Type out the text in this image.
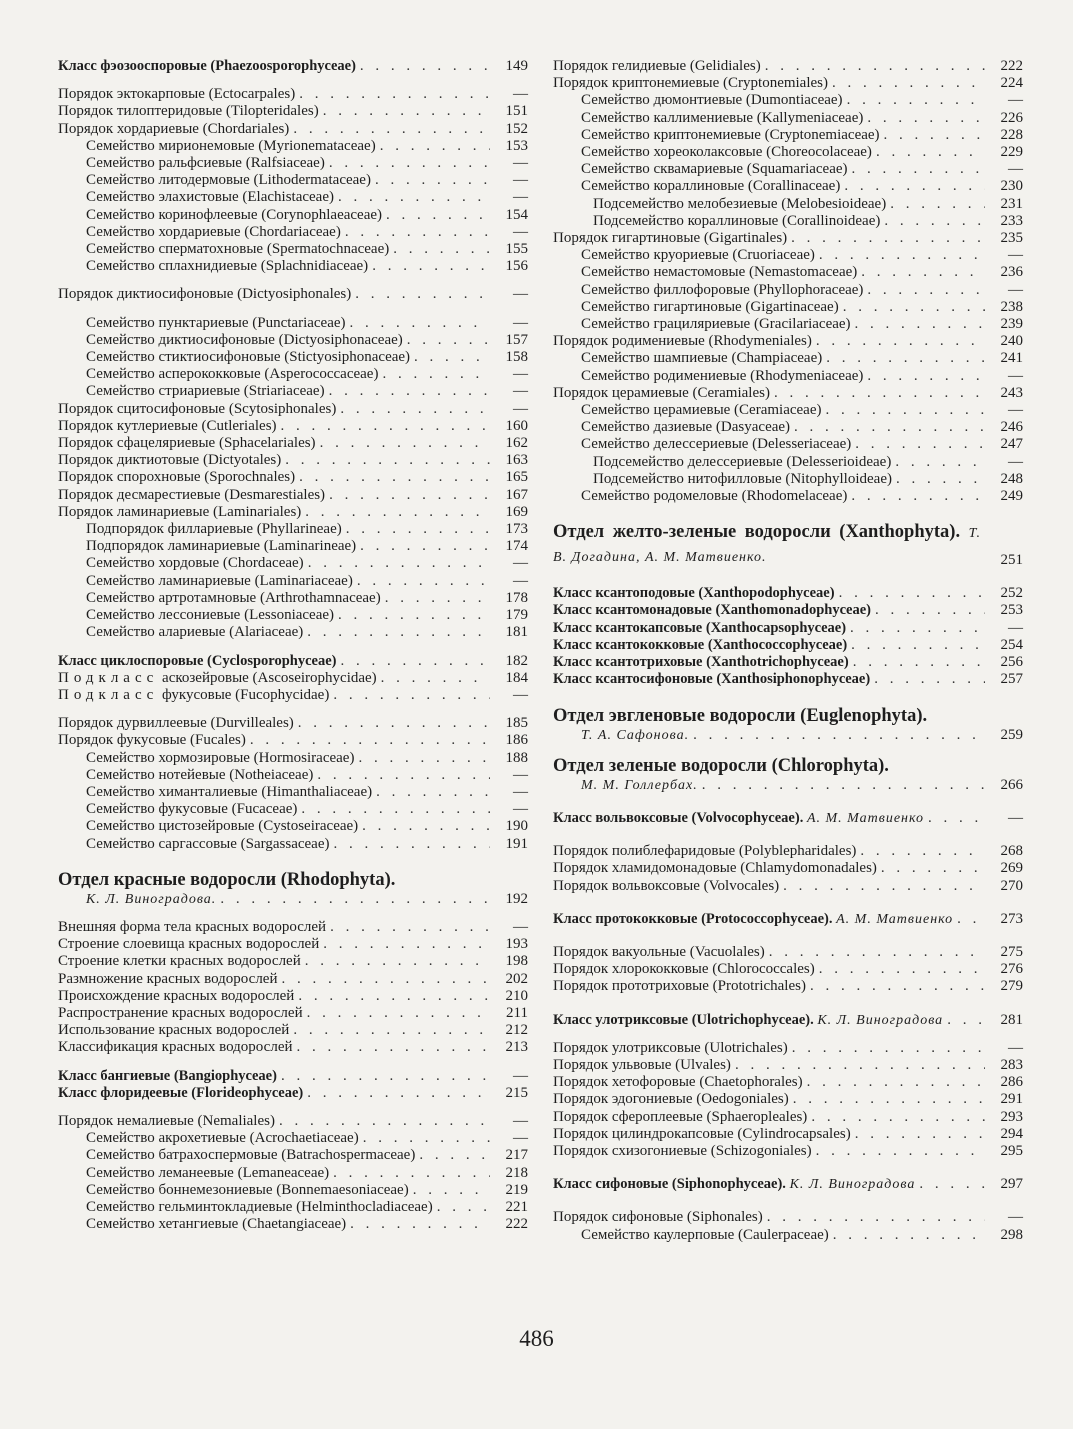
Класс фэозооспоровые (Phaezoosporophyceae) . . .	149
Порядок эктокарповые (Ectocarpales) . . .	—
Порядок тилоптеридовые (Tilopteridales) . . .	151
Порядок хордариевые (Chordariales) . . .	152
Семейство мирионемовые (Myrionemataceae) . . .	153
Семейство ральфсиевые (Ralfsiaceae) . . .	—
Семейство литодермовые (Lithodermataceae) . . .	—
Семейство элахистовые (Elachistaceae) . . .	—
Семейство коринофлеевые (Corynophlaeaceae) . . .	154
Семейство хордариевые (Chordariaceae) . . .	—
Семейство сперматохновые (Spermatochnaceae) . . .	155
Семейство сплахнидиевые (Splachnidiaceae) . . .	156
Порядок диктиосифоновые (Dictyosiphonales) . . .	—
Семейство пунктариевые (Punctariaceae) . . .	—
Семейство диктиосифоновые (Dictyosiphonaceae) . . .	157
Семейство стиктиосифоновые (Stictyosiphonaceae) . . .	158
Семейство асперококковые (Asperococcaceae) . . .	—
Семейство стриариевые (Striariaceae) . . .	—
Порядок сцитосифоновые (Scytosiphonales) . . .	—
Порядок кутлериевые (Cutleriales) . . .	160
Порядок сфацеляриевые (Sphacelariales) . . .	162
Порядок диктиотовые (Dictyotales) . . .	163
Порядок спорохновые (Sporochnales) . . .	165
Порядок десмарестиевые (Desmarestiales) . . .	167
Порядок ламинариевые (Laminariales) . . .	169
Подпорядок филлариевые (Phyllarineae) . . .	173
Подпорядок ламинариевые (Laminarineae) . . .	174
Семейство хордовые (Chordaceae) . . .	—
Семейство ламинариевые (Laminariaceae) . . .	—
Семейство артротамновые (Arthrothamnaceae) . . .	178
Семейство лессониевые (Lessoniaceae) . . .	179
Семейство алариевые (Alariaceae) . . .	181
Класс циклоспоровые (Cyclosporophyceae) . . .	182
Подкласс аскозейровые (Ascoseirophycidae) . . .	184
Подкласс фукусовые (Fucophycidae) . . .	—
Порядок дурвиллеевые (Durvilleales) . . .	185
Порядок фукусовые (Fucales) . . .	186
Семейство хормозировые (Hormosiraceae) . . .	188
Семейство нотейевые (Notheiaceae) . . .	—
Семейство химанталиевые (Himanthaliaceae) . . .	—
Семейство фукусовые (Fucaceae) . . .	—
Семейство цистозейровые (Cystoseiraceae) . . .	190
Семейство саргассовые (Sargassaceae) . . .	191
Отдел красные водоросли (Rhodophyta).
К. Л. Виноградова. . . .	192
Внешняя форма тела красных водорослей . . .	—
Строение слоевища красных водорослей . . .	193
Строение клетки красных водорослей . . .	198
Размножение красных водорослей . . .	202
Происхождение красных водорослей . . .	210
Распространение красных водорослей . . .	211
Использование красных водорослей . . .	212
Классификация красных водорослей . . .	213
Класс бангиевые (Bangiophyceae) . . .	—
Класс флоридеевые (Florideophyceae) . . .	215
Порядок немалиевые (Nemaliales) . . .	—
Семейство акрохетиевые (Acrochaetiaceae) . . .	—
Семейство батрахоспермовые (Batrachospermaceae) . . .	217
Семейство леманеевые (Lemaneaceae) . . .	218
Семейство боннемезониевые (Bonnemaesoniaceae) . . .	219
Семейство гельминтокладиевые (Helminthocladiaceae) . . .	221
Семейство хетангиевые (Chaetangiaceae) . . .	222
Порядок гелидиевые (Gelidiales) . . .	222
Порядок криптонемиевые (Cryptonemiales) . . .	224
Семейство дюмонтиевые (Dumontiaceae) . . .	—
Семейство каллимениевые (Kallymeniaceae) . . .	226
Семейство криптонемиевые (Cryptonemiaceae) . . .	228
Семейство хореоколаксовые (Choreocolaceae) . . .	229
Семейство сквамариевые (Squamariaceae) . . .	—
Семейство кораллиновые (Corallinaceae) . . .	230
Подсемейство мелобезиевые (Melobesioideae) . . .	231
Подсемейство кораллиновые (Corallinoideae) . . .	233
Порядок гигартиновые (Gigartinales) . . .	235
Семейство круориевые (Cruoriaceae) . . .	—
Семейство немастомовые (Nemastomaceae) . . .	236
Семейство филлофоровые (Phyllophoraceae) . . .	—
Семейство гигартиновые (Gigartinaceae) . . .	238
Семейство грациляриевые (Gracilariaceae) . . .	239
Порядок родимениевые (Rhodymeniales) . . .	240
Семейство шампиевые (Champiaceae) . . .	241
Семейство родимениевые (Rhodymeniaceae) . . .	—
Порядок церамиевые (Ceramiales) . . .	243
Семейство церамиевые (Ceramiaceae) . . .	—
Семейство дазиевые (Dasyaceae) . . .	246
Семейство делессериевые (Delesseriaceae) . . .	247
Подсемейство делессериевые (Delesserioideae) . . .	—
Подсемейство нитофилловые (Nitophylloideae) . . .	248
Семейство родомеловые (Rhodomelaceae) . . .	249
Отдел желто-зеленые водоросли (Xanthophyta). Т. В. Догадина, А. М. Матвиенко. . . .	251
Класс ксантоподовые (Xanthopodophyceae) . . .	252
Класс ксантомонадовые (Xanthomonadophyceae) . . .	253
Класс ксантокапсовые (Xanthocapsophyceae) . . .	—
Класс ксантококковые (Xanthococcophyceae) . . .	254
Класс ксантотриховые (Xanthotrichophyceae) . . .	256
Класс ксантосифоновые (Xanthosiphonophyceae) . . .	257
Отдел эвгленовые водоросли (Euglenophyta).
Т. А. Сафонова. . . .	259
Отдел зеленые водоросли (Chlorophyta).
М. М. Голлербах. . . .	266
Класс вольвоксовые (Volvocophyceae). А. М. Матвиенко . . .	—
Порядок полиблефаридовые (Polyblepharidales) . . .	268
Порядок хламидомонадовые (Chlamydomonadales) . . .	269
Порядок вольвоксовые (Volvocales) . . .	270
Класс протококковые (Protococcophyceae). А. М. Матвиенко . . .	273
Порядок вакуольные (Vacuolales) . . .	275
Порядок хлорококковые (Chlorococcales) . . .	276
Порядок прототриховые (Prototrichales) . . .	279
Класс улотриксовые (Ulotrichophyceae). К. Л. Виноградова . . .	281
Порядок улотриксовые (Ulotrichales) . . .	—
Порядок ульвовые (Ulvales) . . .	283
Порядок хетофоровые (Chaetophorales) . . .	286
Порядок эдогониевые (Oedogoniales) . . .	291
Порядок сфероплеевые (Sphaeropleales) . . .	293
Порядок цилиндрокапсовые (Cylindrocapsales) . . .	294
Порядок схизогониевые (Schizogoniales) . . .	295
Класс сифоновые (Siphonophyceae). К. Л. Виноградова . . .	297
Порядок сифоновые (Siphonales) . . .	—
Семейство каулерповые (Caulerpaceae) . . .	298
486
